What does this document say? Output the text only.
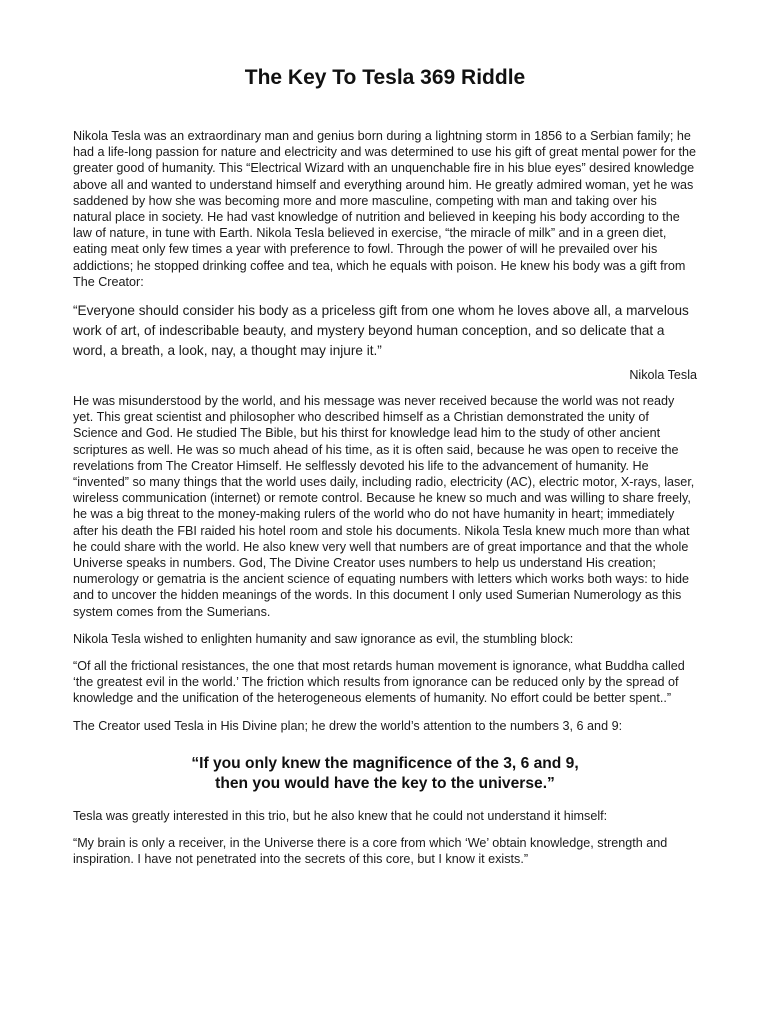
The Key To Tesla 369 Riddle

Nikola Tesla was an extraordinary man and genius born during a lightning storm in 1856 to a Serbian family; he had a life-long passion for nature and electricity and was determined to use his gift of great mental power for the greater good of humanity. This “Electrical Wizard with an unquenchable fire in his blue eyes” desired knowledge above all and wanted to understand himself and everything around him. He greatly admired woman, yet he was saddened by how she was becoming more and more masculine, competing with man and taking over his natural place in society. He had vast knowledge of nutrition and believed in keeping his body according to the law of nature, in tune with Earth. Nikola Tesla believed in exercise, “the miracle of milk” and in a green diet, eating meat only few times a year with preference to fowl. Through the power of will he prevailed over his addictions; he stopped drinking coffee and tea, which he equals with poison. He knew his body was a gift from The Creator:

“Everyone should consider his body as a priceless gift from one whom he loves above all, a marvelous work of art, of indescribable beauty, and mystery beyond human conception, and so delicate that a word, a breath, a look, nay, a thought may injure it.”

Nikola Tesla

He was misunderstood by the world, and his message was never received because the world was not ready yet. This great scientist and philosopher who described himself as a Christian demonstrated the unity of Science and God. He studied The Bible, but his thirst for knowledge lead him to the study of other ancient scriptures as well. He was so much ahead of his time, as it is often said, because he was open to receive the revelations from The Creator Himself. He selflessly devoted his life to the advancement of humanity. He “invented” so many things that the world uses daily, including radio, electricity (AC), electric motor, X-rays, laser, wireless communication (internet) or remote control. Because he knew so much and was willing to share freely, he was a big threat to the money-making rulers of the world who do not have humanity in heart; immediately after his death the FBI raided his hotel room and stole his documents. Nikola Tesla knew much more than what he could share with the world. He also knew very well that numbers are of great importance and that the whole Universe speaks in numbers. God, The Divine Creator uses numbers to help us understand His creation; numerology or gematria is the ancient science of equating numbers with letters which works both ways: to hide and to uncover the hidden meanings of the words. In this document I only used Sumerian Numerology as this system comes from the Sumerians.

Nikola Tesla wished to enlighten humanity and saw ignorance as evil, the stumbling block:

“Of all the frictional resistances, the one that most retards human movement is ignorance, what Buddha called ‘the greatest evil in the world.’ The friction which results from ignorance can be reduced only by the spread of knowledge and the unification of the heterogeneous elements of humanity. No effort could be better spent..”

The Creator used Tesla in His Divine plan; he drew the world’s attention to the numbers 3, 6 and 9:

“If you only knew the magnificence of the 3, 6 and 9,
then you would have the key to the universe.”

Tesla was greatly interested in this trio, but he also knew that he could not understand it himself:

“My brain is only a receiver, in the Universe there is a core from which ‘We’ obtain knowledge, strength and inspiration. I have not penetrated into the secrets of this core, but I know it exists.”
